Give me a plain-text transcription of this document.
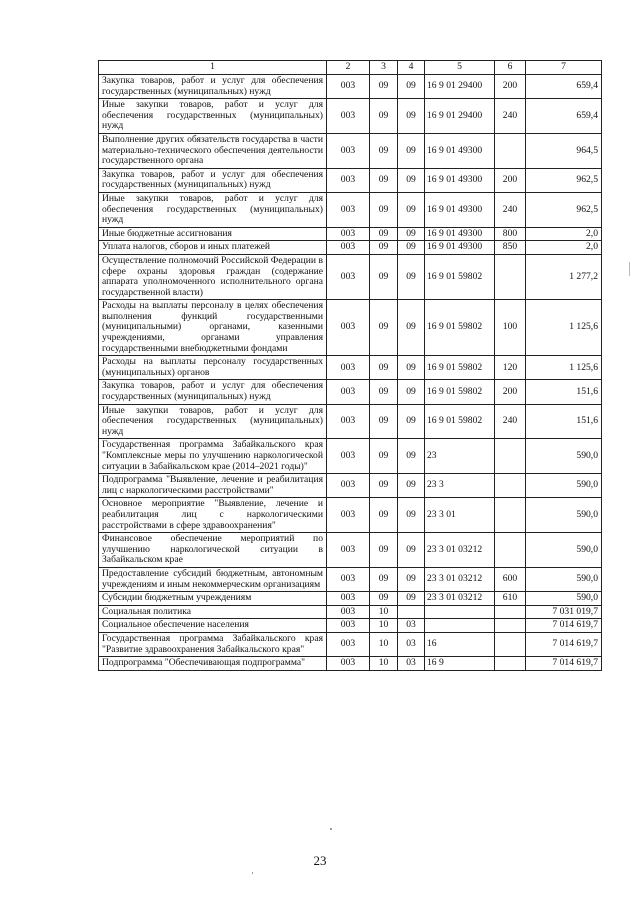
1	2	3	4	5	6	7
Закупка товаров, работ и услуг для обеспечения государственных (муниципальных) нужд	003	09	09	16 9 01 29400	200	659,4
Иные закупки товаров, работ и услуг для обеспечения государственных (муниципальных) нужд	003	09	09	16 9 01 29400	240	659,4
Выполнение других обязательств государства в части материально-технического обеспечения деятельности государственного органа	003	09	09	16 9 01 49300		964,5
Закупка товаров, работ и услуг для обеспечения государственных (муниципальных) нужд	003	09	09	16 9 01 49300	200	962,5
Иные закупки товаров, работ и услуг для обеспечения государственных (муниципальных) нужд	003	09	09	16 9 01 49300	240	962,5
Иные бюджетные ассигнования	003	09	09	16 9 01 49300	800	2,0
Уплата налогов, сборов и иных платежей	003	09	09	16 9 01 49300	850	2,0
Осуществление полномочий Российской Федерации в сфере охраны здоровья граждан (содержание аппарата уполномоченного исполнительного органа государственной власти)	003	09	09	16 9 01 59802		1 277,2
Расходы на выплаты персоналу в целях обеспечения выполнения функций государственными (муниципальными) органами, казенными учреждениями, органами управления государственными внебюджетными фондами	003	09	09	16 9 01 59802	100	1 125,6
Расходы на выплаты персоналу государственных (муниципальных) органов	003	09	09	16 9 01 59802	120	1 125,6
Закупка товаров, работ и услуг для обеспечения государственных (муниципальных) нужд	003	09	09	16 9 01 59802	200	151,6
Иные закупки товаров, работ и услуг для обеспечения государственных (муниципальных) нужд	003	09	09	16 9 01 59802	240	151,6
Государственная программа Забайкальского края "Комплексные меры по улучшению наркологической ситуации в Забайкальском крае (2014–2021 годы)"	003	09	09	23		590,0
Подпрограмма "Выявление, лечение и реабилитация лиц с наркологическими расстройствами"	003	09	09	23 3		590,0
Основное мероприятие "Выявление, лечение и реабилитация лиц с наркологическими расстройствами в сфере здравоохранения"	003	09	09	23 3 01		590,0
Финансовое обеспечение мероприятий по улучшению наркологической ситуации в Забайкальском крае	003	09	09	23 3 01 03212		590,0
Предоставление субсидий бюджетным, автономным учреждениям и иным некоммерческим организациям	003	09	09	23 3 01 03212	600	590,0
Субсидии бюджетным учреждениям	003	09	09	23 3 01 03212	610	590,0
Социальная политика	003	10				7 031 019,7
Социальное обеспечение населения	003	10	03			7 014 619,7
Государственная программа Забайкальского края "Развитие здравоохранения Забайкальского края"	003	10	03	16		7 014 619,7
Подпрограмма "Обеспечивающая подпрограмма"	003	10	03	16 9		7 014 619,7
23
